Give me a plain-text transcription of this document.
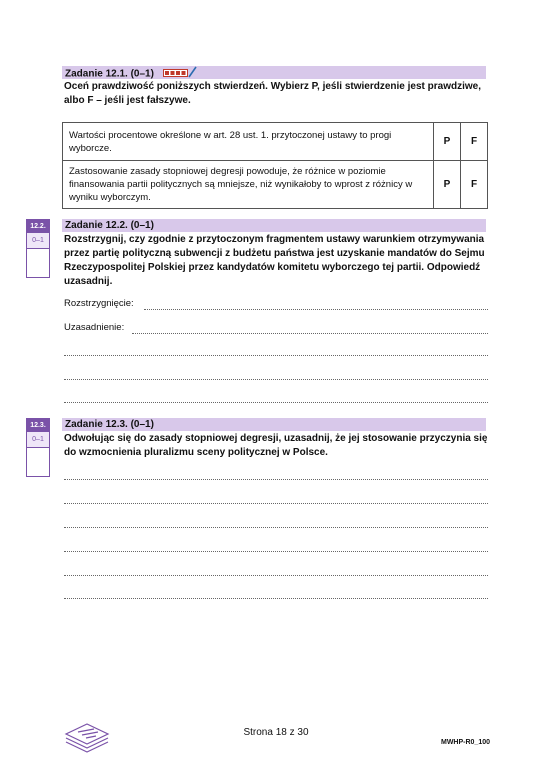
Zadanie 12.1. (0–1)
Oceń prawdziwość poniższych stwierdzeń. Wybierz P, jeśli stwierdzenie jest prawdziwe, albo F – jeśli jest fałszywe.
Wartości procentowe określone w art. 28 ust. 1. przytoczonej ustawy to progi wyborcze.	P	F
Zastosowanie zasady stopniowej degresji powoduje, że różnice w poziomie finansowania partii politycznych są mniejsze, niż wynikałoby to wprost z różnicy w wyniku wyborczym.	P	F
12.2.
0–1
Zadanie 12.2. (0–1)
Rozstrzygnij, czy zgodnie z przytoczonym fragmentem ustawy warunkiem otrzymywania przez partię polityczną subwencji z budżetu państwa jest uzyskanie mandatów do Sejmu Rzeczypospolitej Polskiej przez kandydatów komitetu wyborczego tej partii. Odpowiedź uzasadnij.
Rozstrzygnięcie:
Uzasadnienie:
12.3.
0–1
Zadanie 12.3. (0–1)
Odwołując się do zasady stopniowej degresji, uzasadnij, że jej stosowanie przyczynia się do wzmocnienia pluralizmu sceny politycznej w Polsce.
Strona 18 z 30
MWHP-R0_100
